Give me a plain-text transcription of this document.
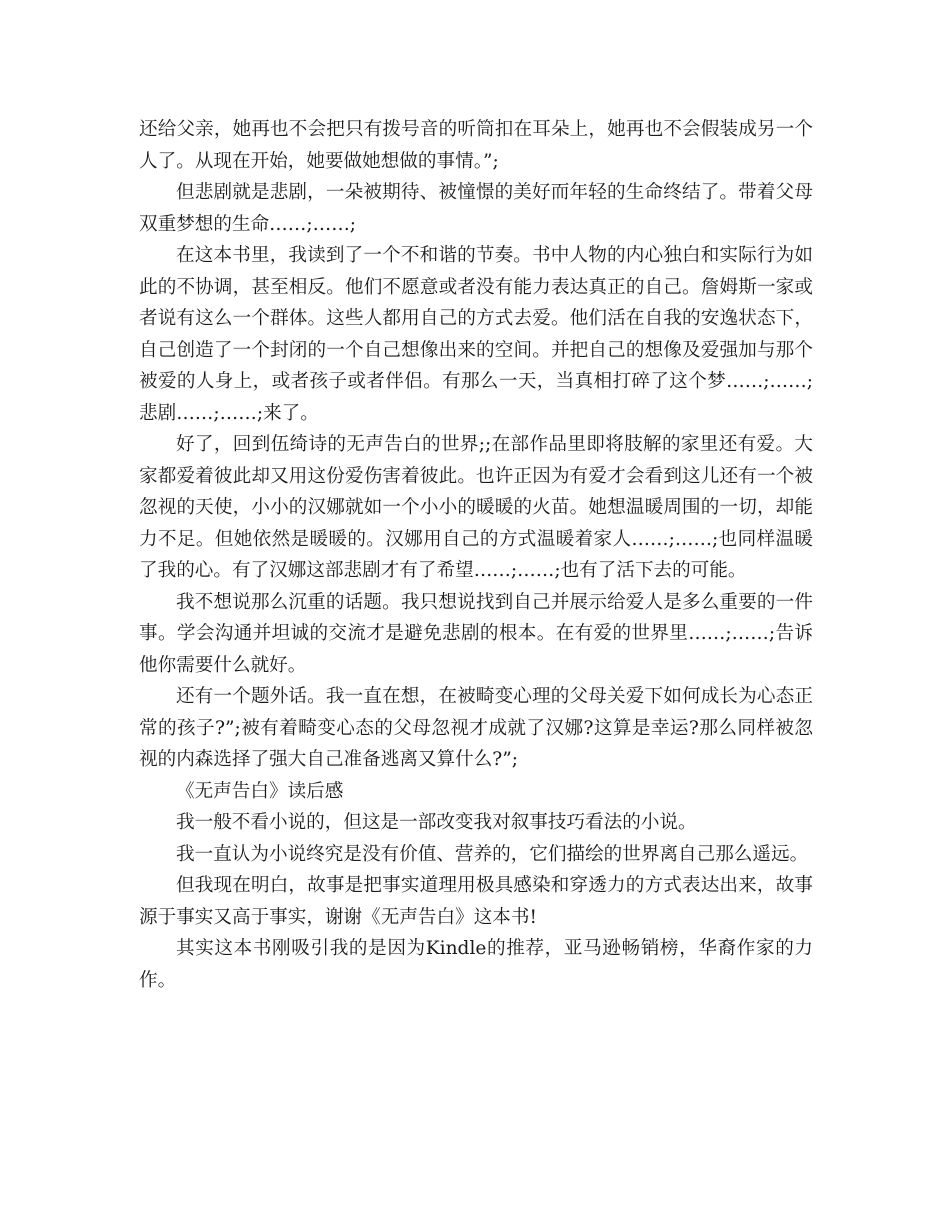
还给父亲，她再也不会把只有拨号音的听筒扣在耳朵上，她再也不会假装成另一个人了。从现在开始，她要做她想做的事情。”;

但悲剧就是悲剧，一朵被期待、被憧憬的美好而年轻的生命终结了。带着父母双重梦想的生命……;……;

在这本书里，我读到了一个不和谐的节奏。书中人物的内心独白和实际行为如此的不协调，甚至相反。他们不愿意或者没有能力表达真正的自己。詹姆斯一家或者说有这么一个群体。这些人都用自己的方式去爱。他们活在自我的安逸状态下，自己创造了一个封闭的一个自己想像出来的空间。并把自己的想像及爱强加与那个被爱的人身上，或者孩子或者伴侣。有那么一天，当真相打碎了这个梦……;……;悲剧……;……;来了。

好了，回到伍绮诗的无声告白的世界;;在部作品里即将肢解的家里还有爱。大家都爱着彼此却又用这份爱伤害着彼此。也许正因为有爱才会看到这儿还有一个被忽视的天使，小小的汉娜就如一个小小的暖暖的火苗。她想温暖周围的一切，却能力不足。但她依然是暖暖的。汉娜用自己的方式温暖着家人……;……;也同样温暖了我的心。有了汉娜这部悲剧才有了希望……;……;也有了活下去的可能。

我不想说那么沉重的话题。我只想说找到自己并展示给爱人是多么重要的一件事。学会沟通并坦诚的交流才是避免悲剧的根本。在有爱的世界里……;……;告诉他你需要什么就好。

还有一个题外话。我一直在想，在被畸变心理的父母关爱下如何成长为心态正常的孩子?”;被有着畸变心态的父母忽视才成就了汉娜?这算是幸运?那么同样被忽视的内森选择了强大自己准备逃离又算什么?”;

《无声告白》读后感

我一般不看小说的，但这是一部改变我对叙事技巧看法的小说。

我一直认为小说终究是没有价值、营养的，它们描绘的世界离自己那么遥远。

但我现在明白，故事是把事实道理用极具感染和穿透力的方式表达出来，故事源于事实又高于事实，谢谢《无声告白》这本书!

其实这本书刚吸引我的是因为Kindle的推荐，亚马逊畅销榜，华裔作家的力作。
